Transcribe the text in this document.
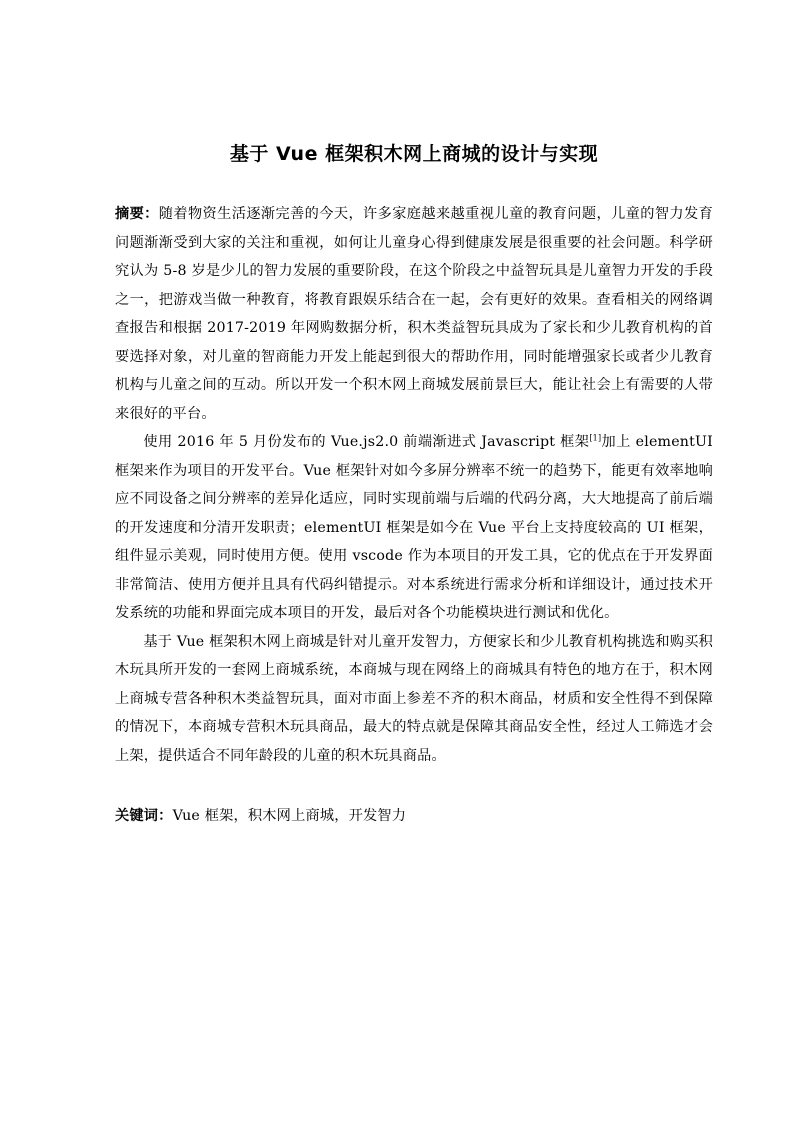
基于 Vue 框架积木网上商城的设计与实现

摘要：随着物资生活逐渐完善的今天，许多家庭越来越重视儿童的教育问题，儿童的智力发育问题渐渐受到大家的关注和重视，如何让儿童身心得到健康发展是很重要的社会问题。科学研究认为 5-8 岁是少儿的智力发展的重要阶段，在这个阶段之中益智玩具是儿童智力开发的手段之一，把游戏当做一种教育，将教育跟娱乐结合在一起，会有更好的效果。查看相关的网络调查报告和根据 2017-2019 年网购数据分析，积木类益智玩具成为了家长和少儿教育机构的首要选择对象，对儿童的智商能力开发上能起到很大的帮助作用，同时能增强家长或者少儿教育机构与儿童之间的互动。所以开发一个积木网上商城发展前景巨大，能让社会上有需要的人带来很好的平台。

使用 2016 年 5 月份发布的 Vue.js2.0 前端渐进式 Javascript 框架[1]加上 elementUI 框架来作为项目的开发平台。Vue 框架针对如今多屏分辨率不统一的趋势下，能更有效率地响应不同设备之间分辨率的差异化适应，同时实现前端与后端的代码分离，大大地提高了前后端的开发速度和分清开发职责；elementUI 框架是如今在 Vue 平台上支持度较高的 UI 框架，组件显示美观，同时使用方便。使用 vscode 作为本项目的开发工具，它的优点在于开发界面非常简洁、使用方便并且具有代码纠错提示。对本系统进行需求分析和详细设计，通过技术开发系统的功能和界面完成本项目的开发，最后对各个功能模块进行测试和优化。

基于 Vue 框架积木网上商城是针对儿童开发智力，方便家长和少儿教育机构挑选和购买积木玩具所开发的一套网上商城系统，本商城与现在网络上的商城具有特色的地方在于，积木网上商城专营各种积木类益智玩具，面对市面上参差不齐的积木商品，材质和安全性得不到保障的情况下，本商城专营积木玩具商品，最大的特点就是保障其商品安全性，经过人工筛选才会上架，提供适合不同年龄段的儿童的积木玩具商品。

关键词：Vue 框架，积木网上商城，开发智力
